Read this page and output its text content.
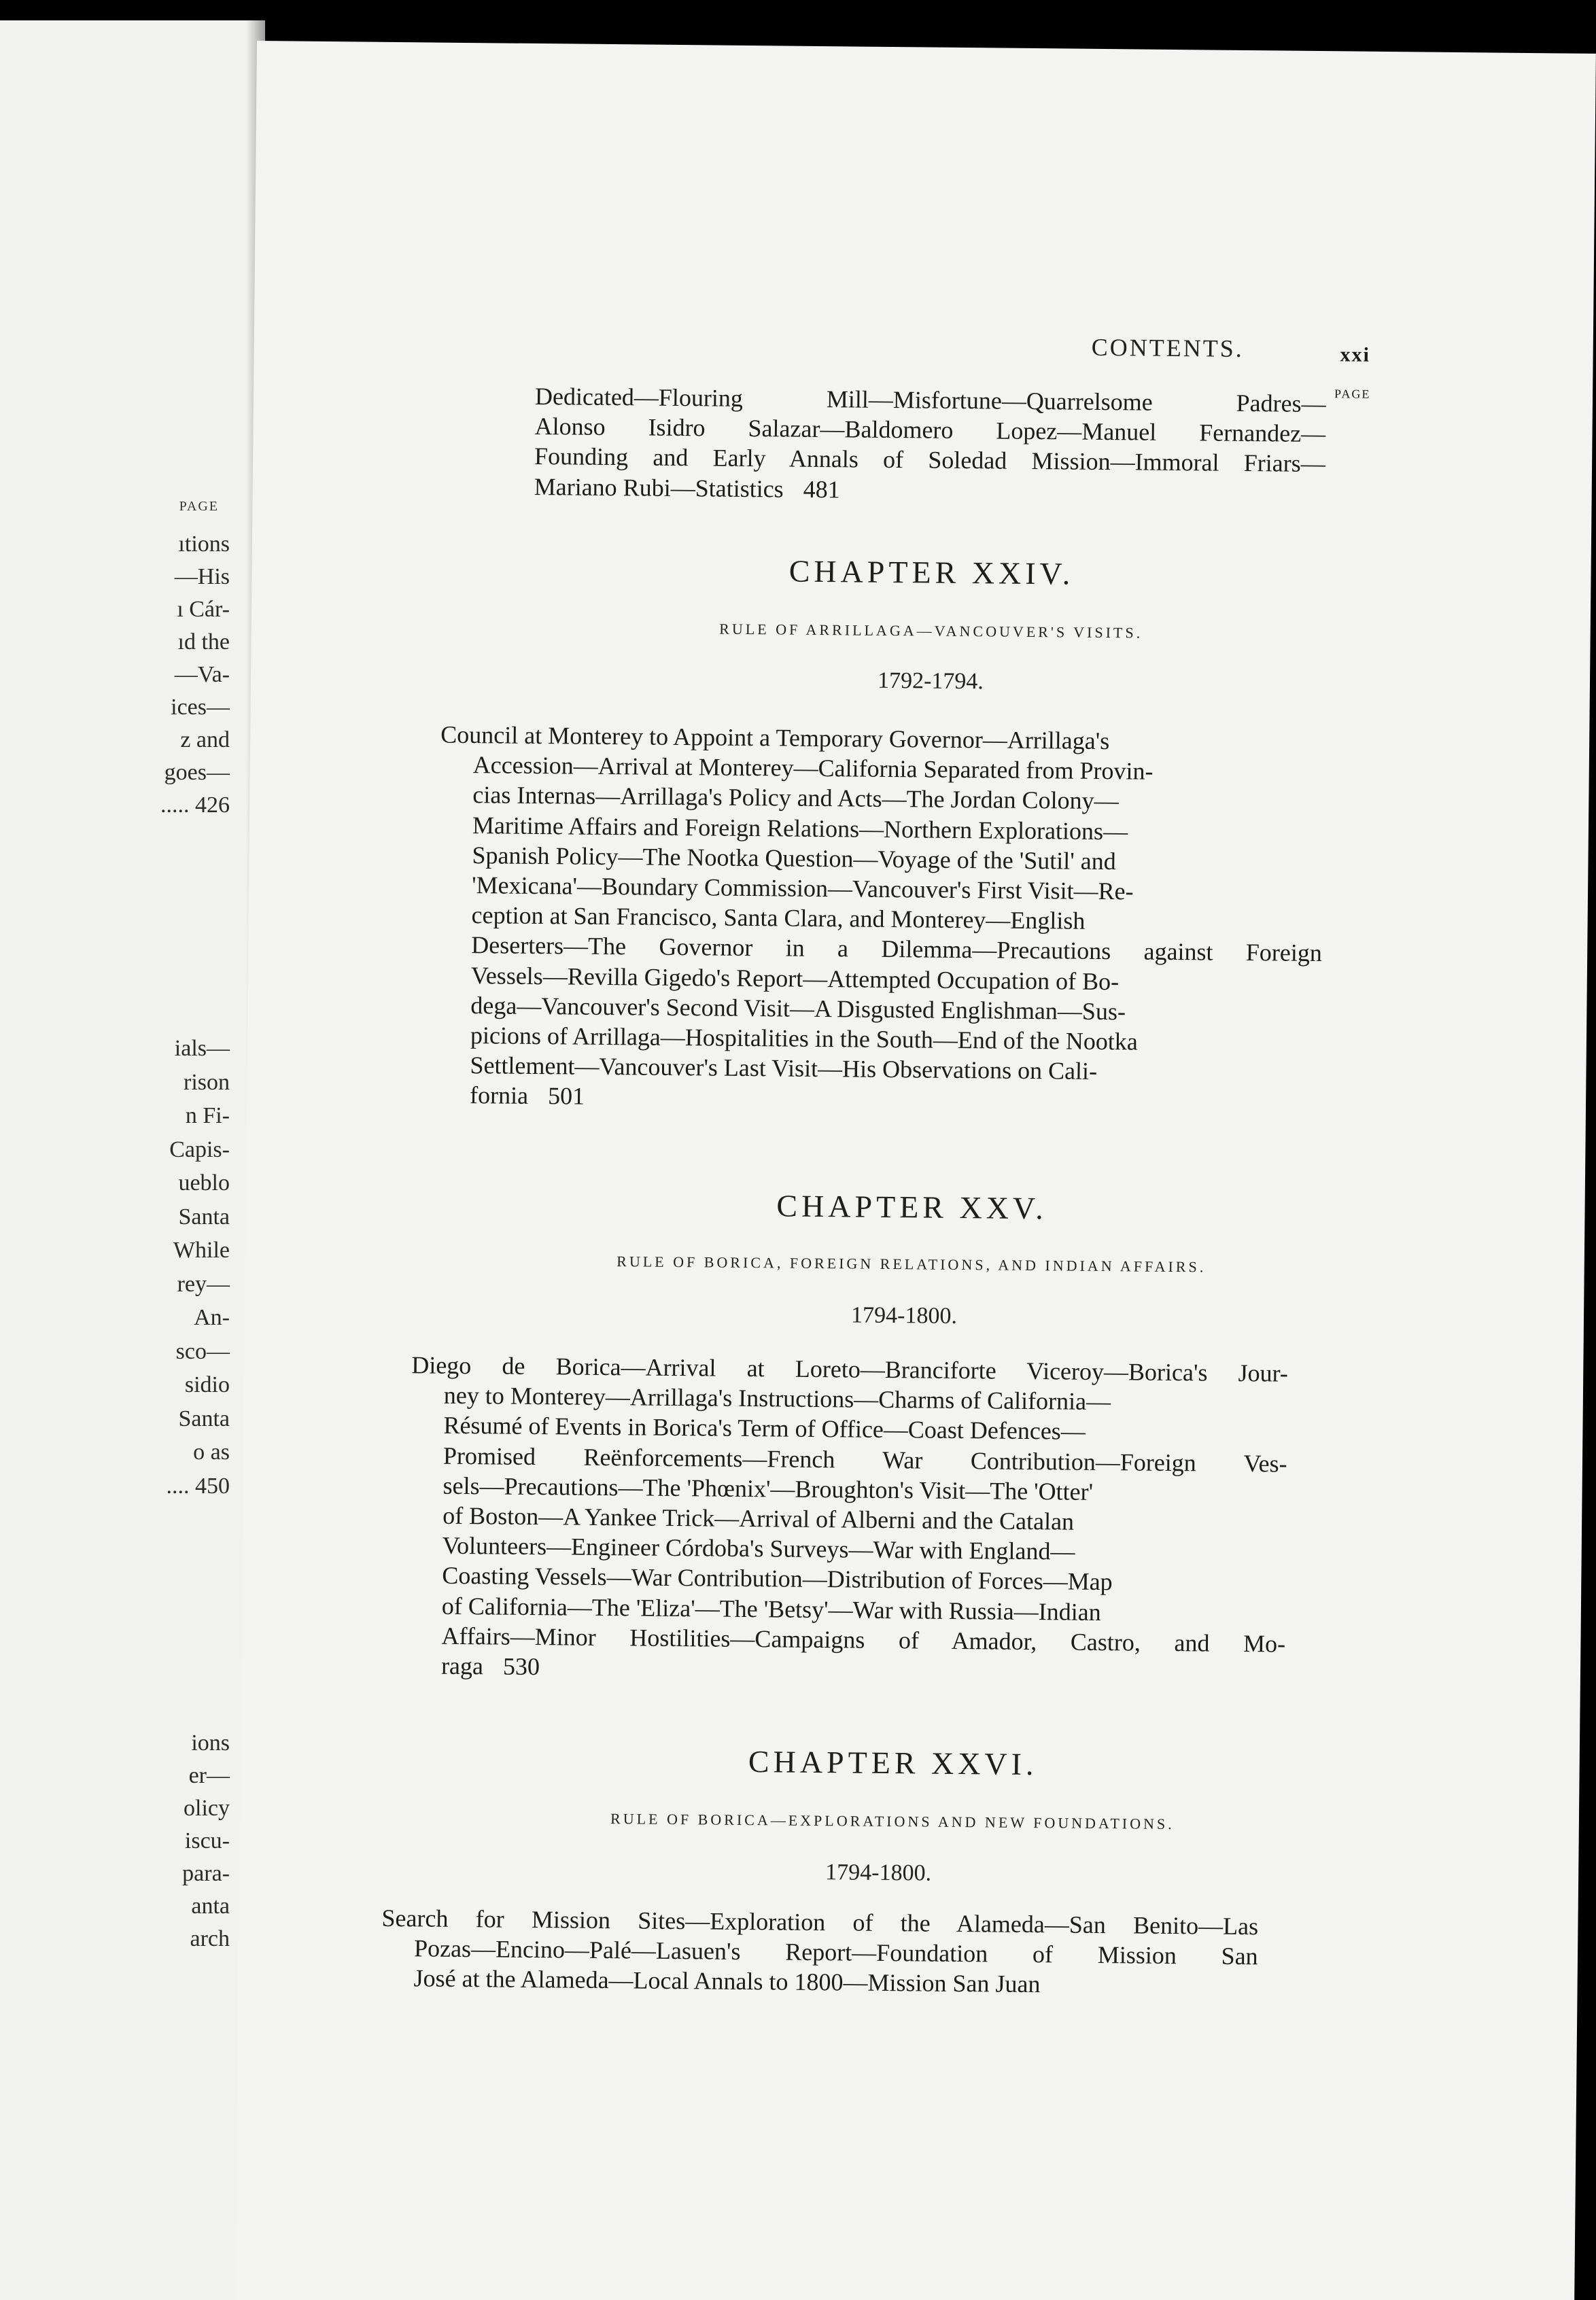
PAGE
ıtions
—His
ı Cár-
ıd the
—Va-
ices—
z and
goes—
..... 426
ials—
rison
n Fi-
Capis-
ueblo
Santa
While
rey—
An-
sco—
sidio
Santa
o as
.... 450
ions
er—
olicy
iscu-
para-
anta
arch
CONTENTS.	xxi
PAGE
Dedicated—Flouring Mill—Misfortune—Quarrelsome Padres—
Alonso Isidro Salazar—Baldomero Lopez—Manuel Fernandez—
Founding and Early Annals of Soledad Mission—Immoral Friars—
Mariano Rubi—Statistics 481
CHAPTER XXIV.
RULE OF ARRILLAGA—VANCOUVER'S VISITS.
1792-1794.
Council at Monterey to Appoint a Temporary Governor—Arrillaga's
Accession—Arrival at Monterey—California Separated from Provin-
cias Internas—Arrillaga's Policy and Acts—The Jordan Colony—
Maritime Affairs and Foreign Relations—Northern Explorations—
Spanish Policy—The Nootka Question—Voyage of the 'Sutil' and
'Mexicana'—Boundary Commission—Vancouver's First Visit—Re-
ception at San Francisco, Santa Clara, and Monterey—English
Deserters—The Governor in a Dilemma—Precautions against Foreign
Vessels—Revilla Gigedo's Report—Attempted Occupation of Bo-
dega—Vancouver's Second Visit—A Disgusted Englishman—Sus-
picions of Arrillaga—Hospitalities in the South—End of the Nootka
Settlement—Vancouver's Last Visit—His Observations on Cali-
fornia 501
CHAPTER XXV.
RULE OF BORICA, FOREIGN RELATIONS, AND INDIAN AFFAIRS.
1794-1800.
Diego de Borica—Arrival at Loreto—Branciforte Viceroy—Borica's Jour-
ney to Monterey—Arrillaga's Instructions—Charms of California—
Résumé of Events in Borica's Term of Office—Coast Defences—
Promised Reënforcements—French War Contribution—Foreign Ves-
sels—Precautions—The 'Phœnix'—Broughton's Visit—The 'Otter'
of Boston—A Yankee Trick—Arrival of Alberni and the Catalan
Volunteers—Engineer Córdoba's Surveys—War with England—
Coasting Vessels—War Contribution—Distribution of Forces—Map
of California—The 'Eliza'—The 'Betsy'—War with Russia—Indian
Affairs—Minor Hostilities—Campaigns of Amador, Castro, and Mo-
raga 530
CHAPTER XXVI.
RULE OF BORICA—EXPLORATIONS AND NEW FOUNDATIONS.
1794-1800.
Search for Mission Sites—Exploration of the Alameda—San Benito—Las
Pozas—Encino—Palé—Lasuen's Report—Foundation of Mission San
José at the Alameda—Local Annals to 1800—Mission San Juan
